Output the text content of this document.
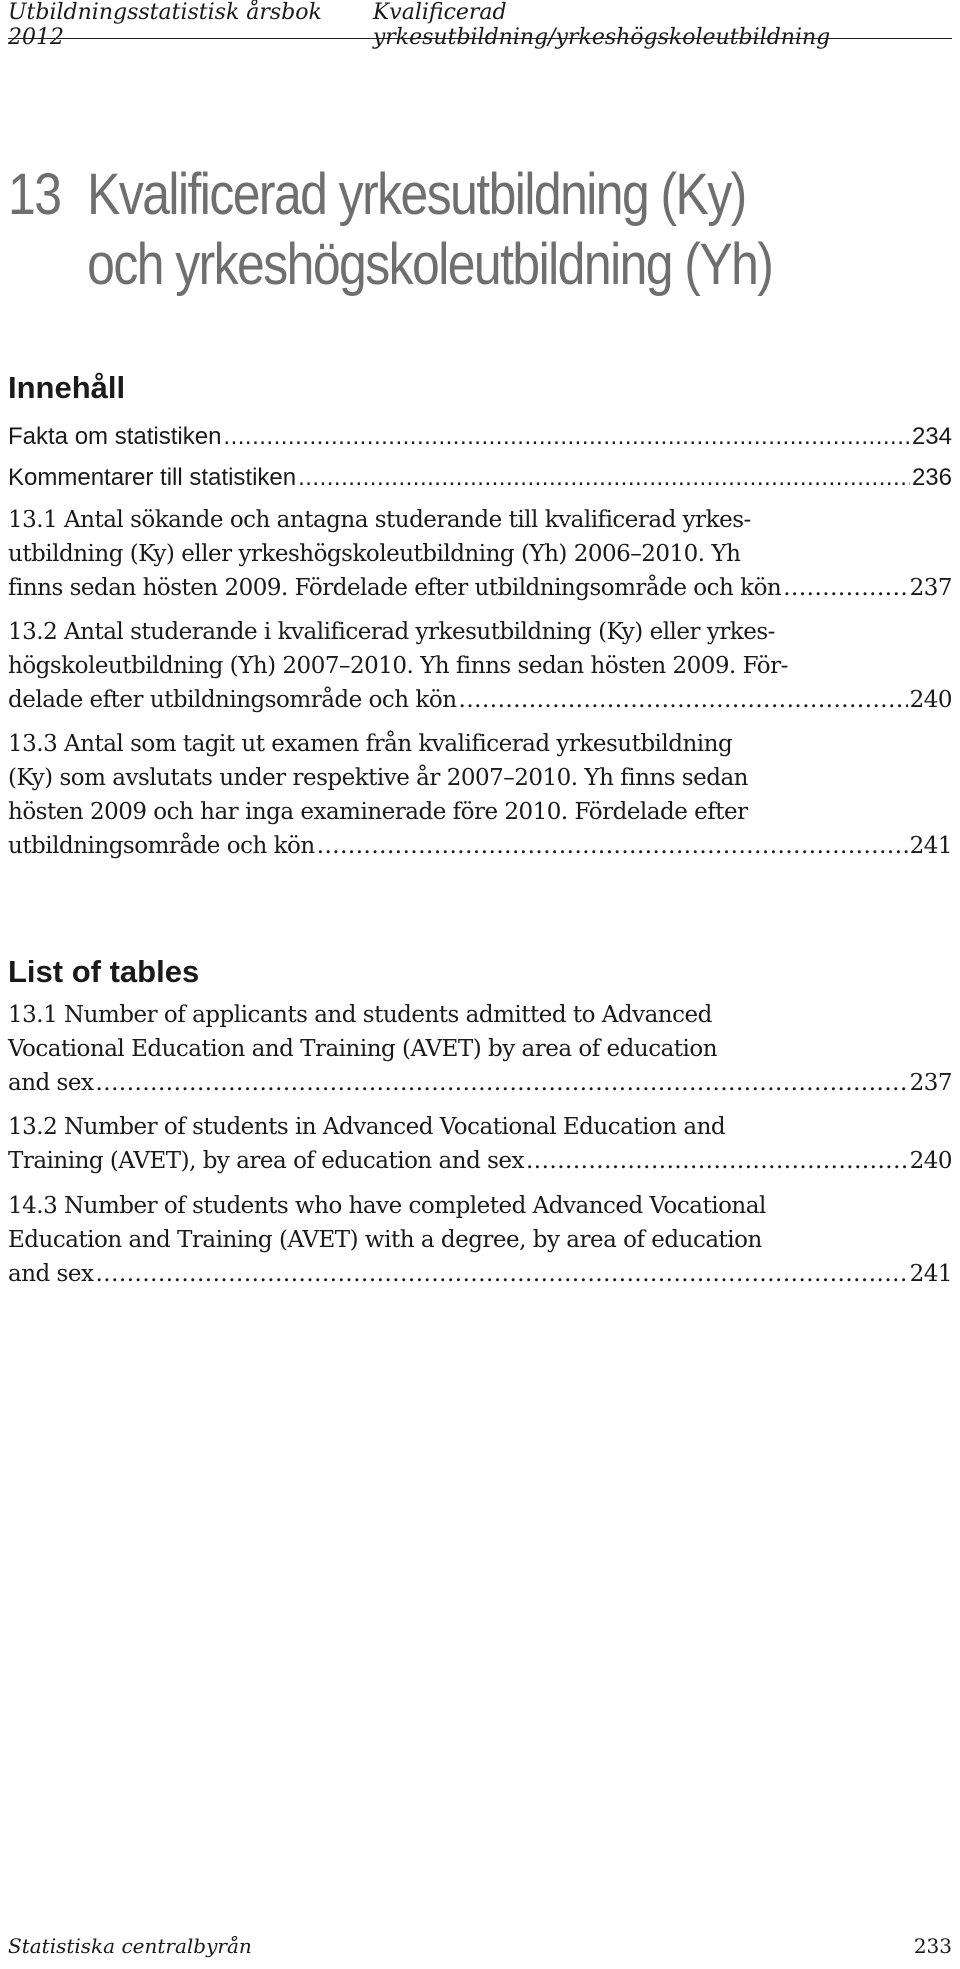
Utbildningsstatistisk årsbok 2012
Kvalificerad yrkesutbildning/yrkeshögskoleutbildning
13 Kvalificerad yrkesutbildning (Ky)
och yrkeshögskoleutbildning (Yh)
Innehåll
Fakta om statistiken .....	234
Kommentarer till statistiken .....	236
13.1 Antal sökande och antagna studerande till kvalificerad yrkes-
utbildning (Ky) eller yrkeshögskoleutbildning (Yh) 2006–2010. Yh
finns sedan hösten 2009. Fördelade efter utbildningsområde och kön .....	237
13.2 Antal studerande i kvalificerad yrkesutbildning (Ky) eller yrkes-
högskoleutbildning (Yh) 2007–2010. Yh finns sedan hösten 2009. För-
delade efter utbildningsområde och kön .....	240
13.3 Antal som tagit ut examen från kvalificerad yrkesutbildning
(Ky) som avslutats under respektive år 2007–2010. Yh finns sedan
hösten 2009 och har inga examinerade före 2010. Fördelade efter
utbildningsområde och kön .....	241
List of tables
13.1 Number of applicants and students admitted to Advanced
Vocational Education and Training (AVET) by area of education
and sex .....	237
13.2 Number of students in Advanced Vocational Education and
Training (AVET), by area of education and sex .....	240
14.3 Number of students who have completed Advanced Vocational
Education and Training (AVET) with a degree, by area of education
and sex .....	241
Statistiska centralbyrån	233
